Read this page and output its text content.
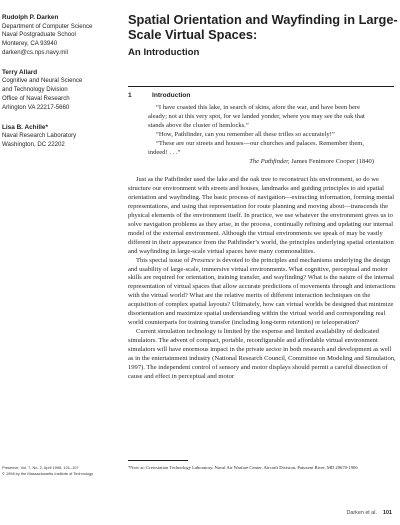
Rudolph P. Darken
Department of Computer Science
Naval Postgraduate School
Monterey, CA 93940
darken@cs.nps.navy.mil
Terry Allard
Cognitive and Neural Science
and Technology Division
Office of Naval Research
Arlington VA 22217-5660
Lisa B. Achille*
Naval Research Laboratory
Washington, DC 22202
Spatial Orientation and Wayfinding in Large-Scale Virtual Spaces:
An Introduction
1	Introduction

“I have coasted this lake, in search of skins, afore the war, and have been here aleady; not at this very spot, for we landed yonder, where you may see the oak that stands above the cluster of hemlocks.”

“How, Pathfinder, can you remember all these trifles so accurately!”

“These are our streets and houses—our churches and palaces. Remember them, indeed! . . .”

The Pathfinder, James Fenimore Cooper (1840)

Just as the Pathfinder used the lake and the oak tree to reconstruct his environment, so do we structure our environment with streets and houses, landmarks and guiding principles to aid spatial orientation and wayfinding. The basic process of navigation—extracting information, forming mental representations, and using that representation for route planning and moving about—transcends the physical elements of the environment itself. In practice, we use whatever the environment gives us to solve navigation problems as they arise, in the process, continually refining and updating our internal model of the external environment. Although the virtual environments we speak of may be vastly different in their appearance from the Pathfinder’s world, the principles underlying spatial orientation and wayfinding in large-scale virtual spaces have many commonalities.

This special issue of Presence is devoted to the principles and mechanisms underlying the design and usability of large-scale, immersive virtual environments. What cognitive, perceptual and motor skills are required for orientation, training transfer, and wayfinding? What is the nature of the internal representation of virtual spaces that allow accurate predictions of movements through and interactions with the virtual world? What are the relative merits of different interaction techniques on the acquisition of complex spatial layouts? Ultimately, how can virtual worlds be designed that minimize disorientation and maximize spatial understanding within the virtual world and corresponding real world counterparts for training transfer (including long-term retention) or teleoperation?

Current simulation technology is limited by the expense and limited availability of dedicated simulators. The advent of compact, portable, reconfigurable and affordable virtual environment simulators will have enormous impact in the private sector in both research and development as well as in the entertainment industry (National Research Council, Committee on Modeling and Simulation, 1997). The independent control of sensory and motor displays should permit a careful dissection of cause and effect in perceptual and motor

Presence, Vol. 7, No. 2, April 1998, 101–107
© 1998 by the Massachusetts Institute of Technology
*Now at: Crewstation Technology Laboratory, Naval Air Warfare Center, Aircraft Division, Patuxent River, MD 20670-1906
Darken et al. 101
